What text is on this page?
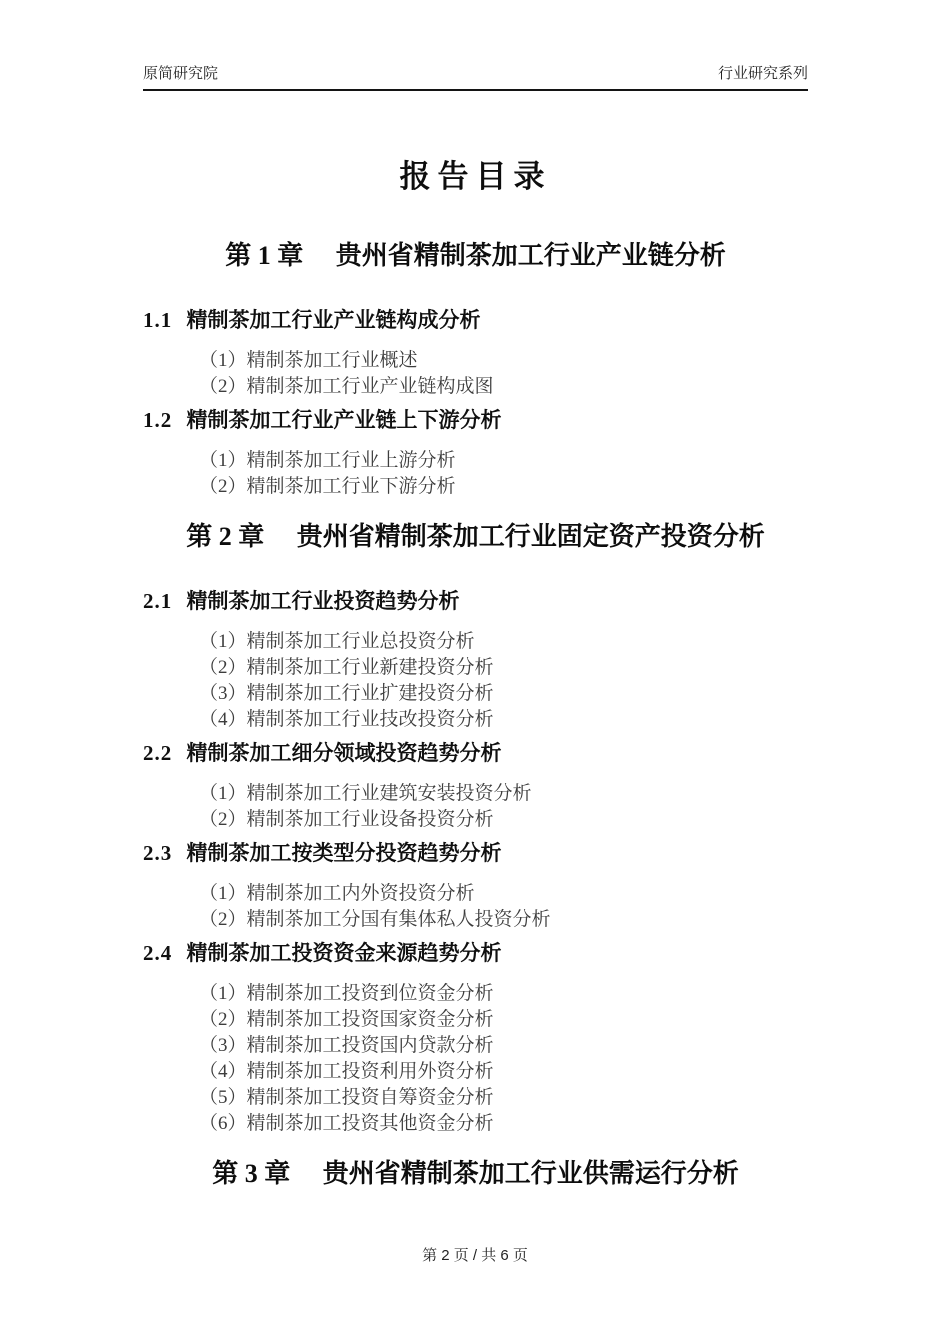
原简研究院	行业研究系列
报告目录
第 1 章 贵州省精制茶加工行业产业链分析
1.1 精制茶加工行业产业链构成分析
（1）精制茶加工行业概述
（2）精制茶加工行业产业链构成图
1.2 精制茶加工行业产业链上下游分析
（1）精制茶加工行业上游分析
（2）精制茶加工行业下游分析
第 2 章 贵州省精制茶加工行业固定资产投资分析
2.1 精制茶加工行业投资趋势分析
（1）精制茶加工行业总投资分析
（2）精制茶加工行业新建投资分析
（3）精制茶加工行业扩建投资分析
（4）精制茶加工行业技改投资分析
2.2 精制茶加工细分领域投资趋势分析
（1）精制茶加工行业建筑安装投资分析
（2）精制茶加工行业设备投资分析
2.3 精制茶加工按类型分投资趋势分析
（1）精制茶加工内外资投资分析
（2）精制茶加工分国有集体私人投资分析
2.4 精制茶加工投资资金来源趋势分析
（1）精制茶加工投资到位资金分析
（2）精制茶加工投资国家资金分析
（3）精制茶加工投资国内贷款分析
（4）精制茶加工投资利用外资分析
（5）精制茶加工投资自筹资金分析
（6）精制茶加工投资其他资金分析
第 3 章 贵州省精制茶加工行业供需运行分析
第 2 页 / 共 6 页
